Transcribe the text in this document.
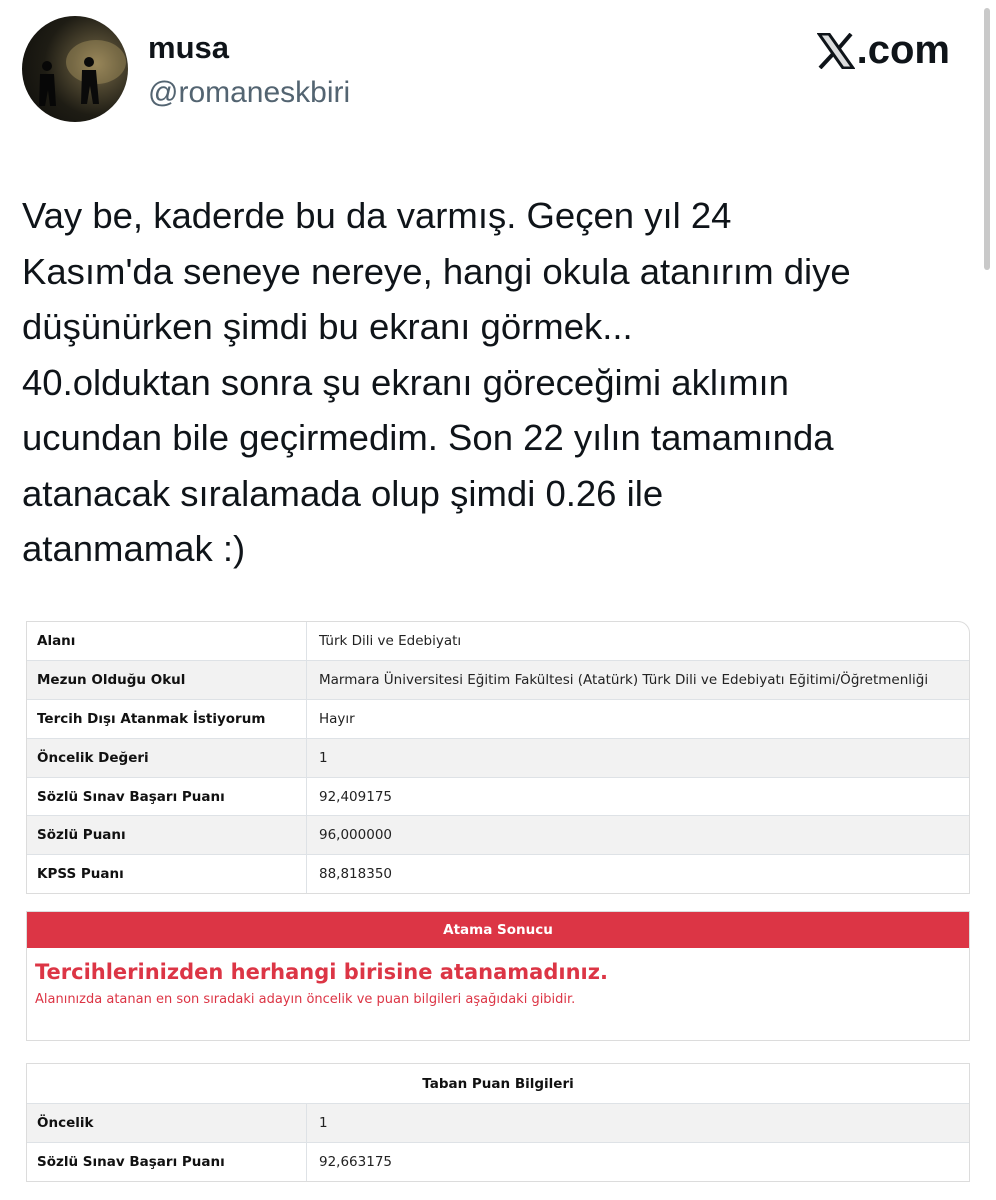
musa
@romaneskbiri
.com

Vay be, kaderde bu da varmış. Geçen yıl 24
Kasım'da seneye nereye, hangi okula atanırım diye
düşünürken şimdi bu ekranı görmek...
40.olduktan sonra şu ekranı göreceğimi aklımın
ucundan bile geçirmedim. Son 22 yılın tamamında
atanacak sıralamada olup şimdi 0.26 ile
atanmamak :)

Alanı	Türk Dili ve Edebiyatı
Mezun Olduğu Okul	Marmara Üniversitesi Eğitim Fakültesi (Atatürk) Türk Dili ve Edebiyatı Eğitimi/Öğretmenliği
Tercih Dışı Atanmak İstiyorum	Hayır
Öncelik Değeri	1
Sözlü Sınav Başarı Puanı	92,409175
Sözlü Puanı	96,000000
KPSS Puanı	88,818350
Atama Sonucu
Tercihlerinizden herhangi birisine atanamadınız.
Alanınızda atanan en son sıradaki adayın öncelik ve puan bilgileri aşağıdaki gibidir.
Taban Puan Bilgileri
Öncelik	1
Sözlü Sınav Başarı Puanı	92,663175
